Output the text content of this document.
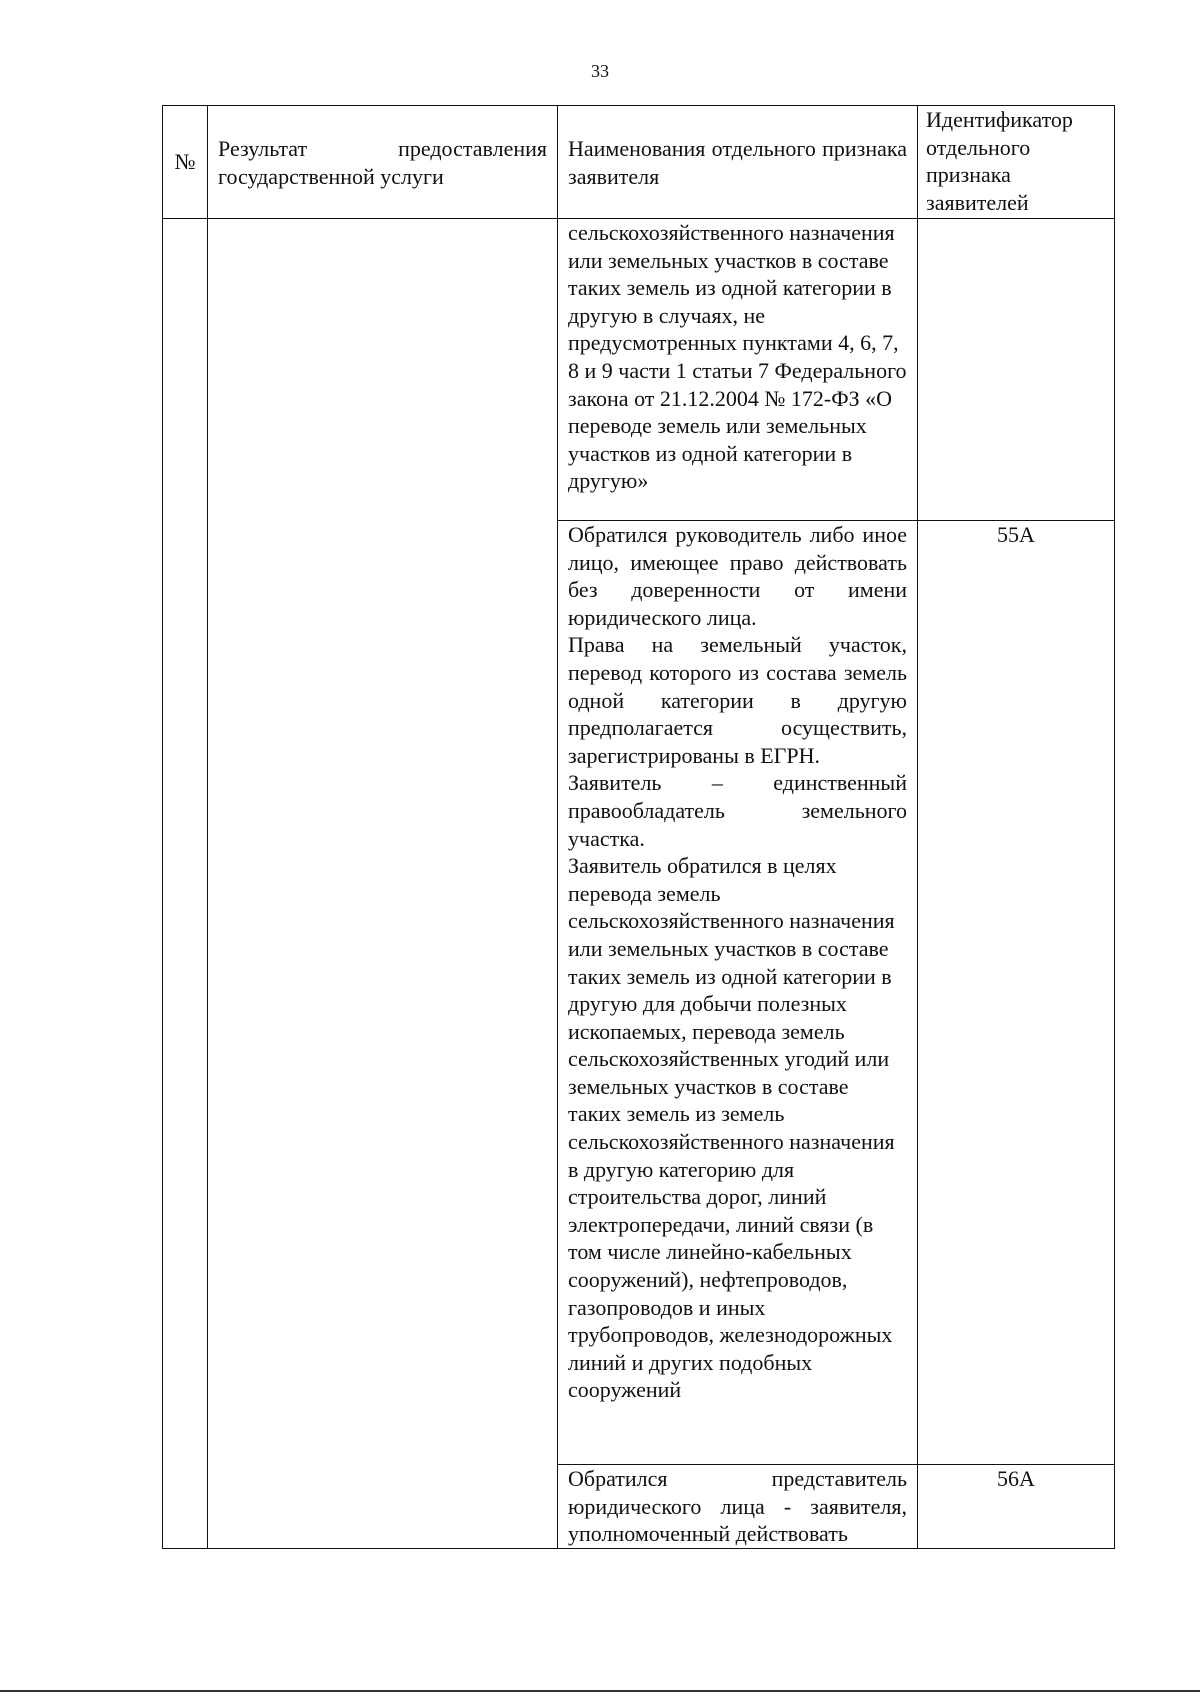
33
№	Результат предоставления государственной услуги	Наименования отдельного признака заявителя	Идентификатор отдельного признака заявителей

		сельскохозяйственного назначения или земельных участков в составе таких земель из одной категории в другую в случаях, не предусмотренных пунктами 4, 6, 7, 8 и 9 части 1 статьи 7 Федерального закона от 21.12.2004 № 172-ФЗ «О переводе земель или земельных участков из одной категории в другую»	

		Обратился руководитель либо иное лицо, имеющее право действовать без доверенности от имени юридического лица.
Права на земельный участок, перевод которого из состава земель одной категории в другую предполагается осуществить, зарегистрированы в ЕГРН.
Заявитель – единственный правообладатель земельного участка.
Заявитель обратился в целях перевода земель сельскохозяйственного назначения или земельных участков в составе таких земель из одной категории в другую для добычи полезных ископаемых, перевода земель сельскохозяйственных угодий или земельных участков в составе таких земель из земель сельскохозяйственного назначения в другую категорию для строительства дорог, линий электропередачи, линий связи (в том числе линейно-кабельных сооружений), нефтепроводов, газопроводов и иных трубопроводов, железнодорожных линий и других подобных сооружений	55А

		Обратился представитель юридического лица - заявителя, уполномоченный действовать	56А
